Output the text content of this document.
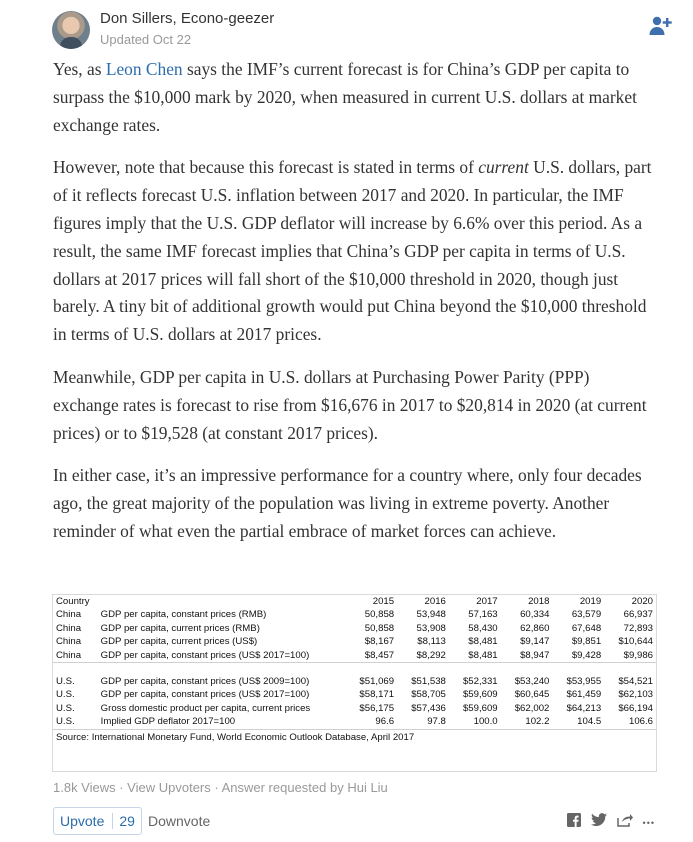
Don Sillers, Econo-geezer
Updated Oct 22

Yes, as Leon Chen says the IMF’s current forecast is for China’s GDP per capita to surpass the $10,000 mark by 2020, when measured in current U.S. dollars at market exchange rates.

However, note that because this forecast is stated in terms of current U.S. dollars, part of it reflects forecast U.S. inflation between 2017 and 2020. In particular, the IMF figures imply that the U.S. GDP deflator will increase by 6.6% over this period. As a result, the same IMF forecast implies that China’s GDP per capita in terms of U.S. dollars at 2017 prices will fall short of the $10,000 threshold in 2020, though just barely. A tiny bit of additional growth would put China beyond the $10,000 threshold in terms of U.S. dollars at 2017 prices.

Meanwhile, GDP per capita in U.S. dollars at Purchasing Power Parity (PPP) exchange rates is forecast to rise from $16,676 in 2017 to $20,814 in 2020 (at current prices) or to $19,528 (at constant 2017 prices).

In either case, it’s an impressive performance for a country where, only four decades ago, the great majority of the population was living in extreme poverty. Another reminder of what even the partial embrace of market forces can achieve.

Country		2015	2016	2017	2018	2019	2020
China	GDP per capita, constant prices (RMB)	50,858	53,948	57,163	60,334	63,579	66,937
China	GDP per capita, current prices (RMB)	50,858	53,908	58,430	62,860	67,648	72,893
China	GDP per capita, current prices (US$)	$8,167	$8,113	$8,481	$9,147	$9,851	$10,644
China	GDP per capita, constant prices (US$ 2017=100)	$8,457	$8,292	$8,481	$8,947	$9,428	$9,986

U.S.	GDP per capita, constant prices (US$ 2009=100)	$51,069	$51,538	$52,331	$53,240	$53,955	$54,521
U.S.	GDP per capita, constant prices (US$ 2017=100)	$58,171	$58,705	$59,609	$60,645	$61,459	$62,103
U.S.	Gross domestic product per capita, current prices	$56,175	$57,436	$59,609	$62,002	$64,213	$66,194
U.S.	Implied GDP deflator 2017=100	96.6	97.8	100.0	102.2	104.5	106.6
Source: International Monetary Fund, World Economic Outlook Database, April 2017							
1.8k Views · View Upvoters · Answer requested by Hui Liu
Upvote	29 Downvote	•••
